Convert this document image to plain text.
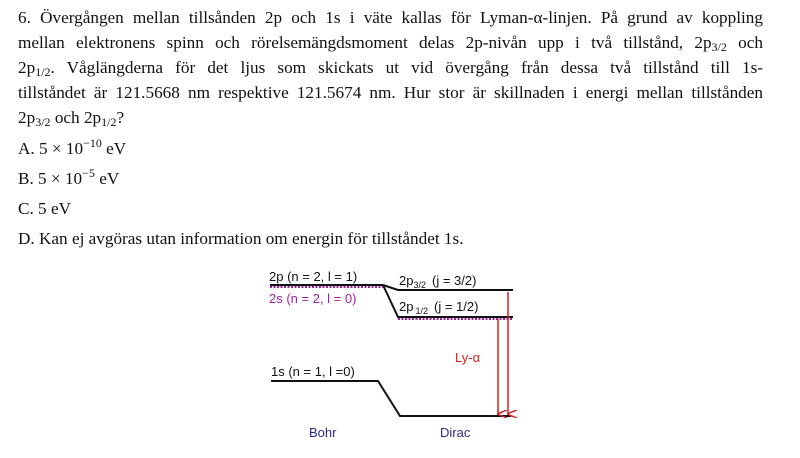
6. Övergången mellan tillsånden 2p och 1s i väte kallas för Lyman-α-linjen. På grund av koppling
mellan elektronens spinn och rörelsemängdsmoment delas 2p-nivån upp i två tillstånd, $2p_{3/2}$ och
$2p_{1/2}$. Våglängderna för det ljus som skickats ut vid övergång från dessa två tillstånd till 1s-
tillståndet är 121.5668 nm respektive 121.5674 nm. Hur stor är skillnaden i energi mellan tillstånden
$2p_{3/2}$ och $2p_{1/2}$?
A. $5 \times 10^{-10}$ eV
B. $5 \times 10^{-5}$ eV
C. 5 eV
D. Kan ej avgöras utan information om energin för tillståndet 1s.
2p (n = 2, l = 1)
2s (n = 2, l = 0)
$2p_{3/2}$ (j = 3/2)
2p $_{1/2}$ (j = 1/2)
1s (n = 1, l =0)
Ly-α
Bohr	Dirac
